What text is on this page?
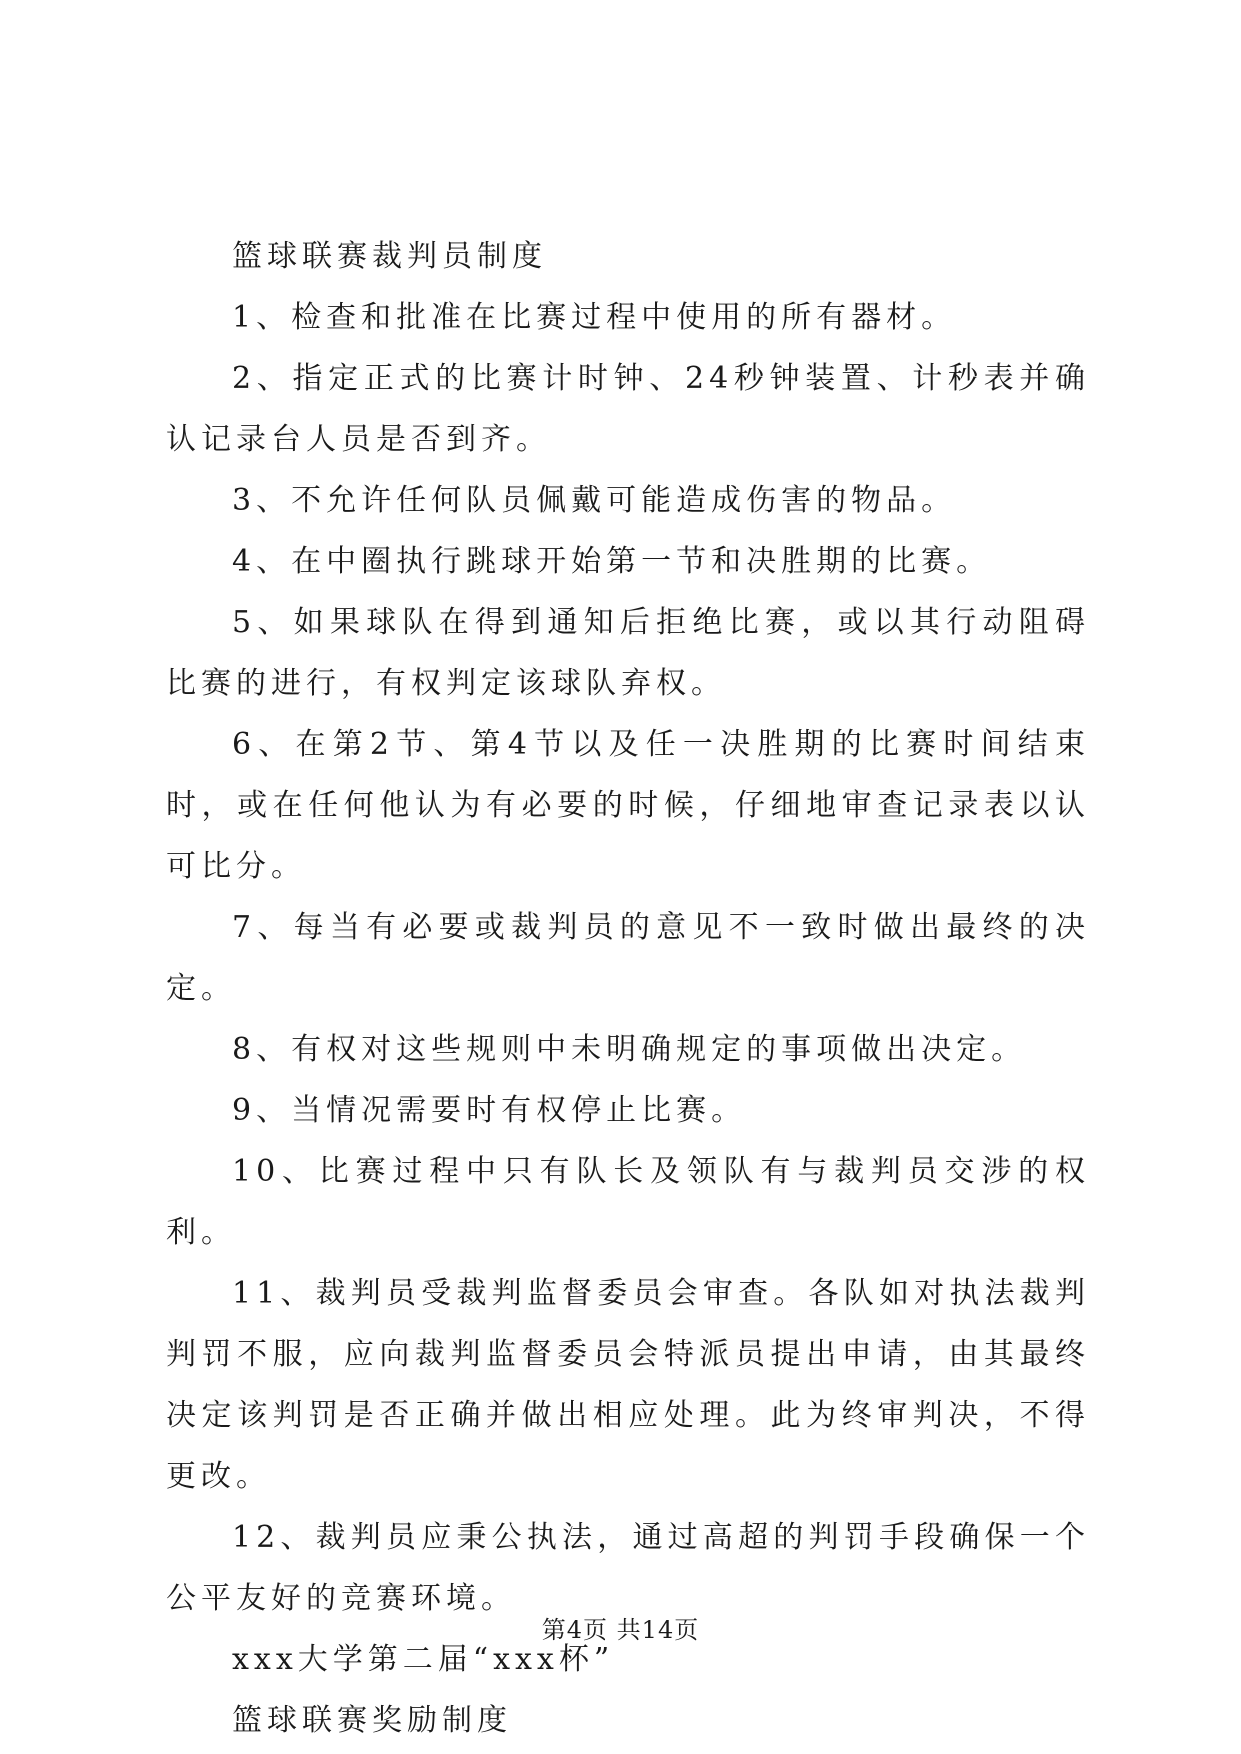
篮球联赛裁判员制度

1、检查和批准在比赛过程中使用的所有器材。

2、指定正式的比赛计时钟、24秒钟装置、计秒表并确认记录台人员是否到齐。

3、不允许任何队员佩戴可能造成伤害的物品。

4、在中圈执行跳球开始第一节和决胜期的比赛。

5、如果球队在得到通知后拒绝比赛，或以其行动阻碍比赛的进行，有权判定该球队弃权。

6、在第2节、第4节以及任一决胜期的比赛时间结束时，或在任何他认为有必要的时候，仔细地审查记录表以认可比分。

7、每当有必要或裁判员的意见不一致时做出最终的决定。

8、有权对这些规则中未明确规定的事项做出决定。

9、当情况需要时有权停止比赛。

10、比赛过程中只有队长及领队有与裁判员交涉的权利。

11、裁判员受裁判监督委员会审查。各队如对执法裁判判罚不服，应向裁判监督委员会特派员提出申请，由其最终决定该判罚是否正确并做出相应处理。此为终审判决，不得更改。

12、裁判员应秉公执法，通过高超的判罚手段确保一个公平友好的竞赛环境。

xxx大学第二届“xxx杯”

篮球联赛奖励制度

第4页 共14页
